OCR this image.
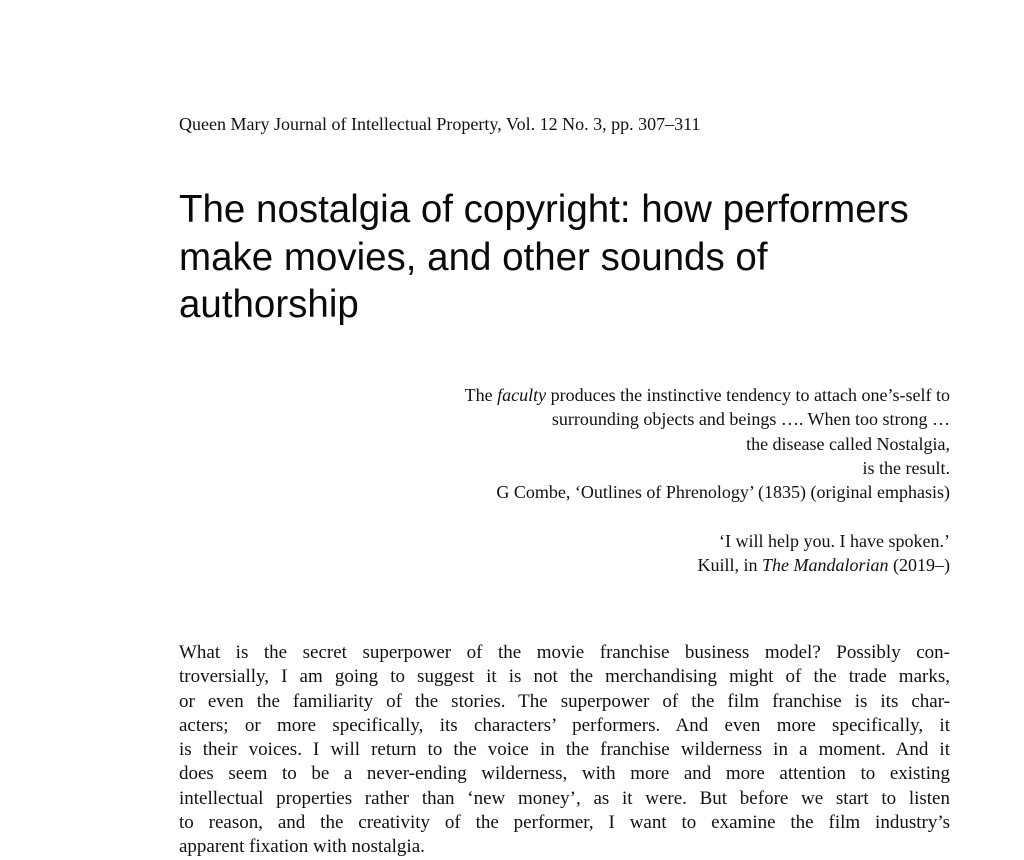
Queen Mary Journal of Intellectual Property, Vol. 12 No. 3, pp. 307–311
The nostalgia of copyright: how performers
make movies, and other sounds of
authorship
The faculty produces the instinctive tendency to attach one’s-self to
surrounding objects and beings …. When too strong …
the disease called Nostalgia,
is the result.
G Combe, ‘Outlines of Phrenology’ (1835) (original emphasis)
‘I will help you. I have spoken.’
Kuill, in The Mandalorian (2019–)
What is the secret superpower of the movie franchise business model? Possibly con-
troversially, I am going to suggest it is not the merchandising might of the trade marks,
or even the familiarity of the stories. The superpower of the film franchise is its char-
acters; or more specifically, its characters’ performers. And even more specifically, it
is their voices. I will return to the voice in the franchise wilderness in a moment. And it
does seem to be a never-ending wilderness, with more and more attention to existing
intellectual properties rather than ‘new money’, as it were. But before we start to listen
to reason, and the creativity of the performer, I want to examine the film industry’s
apparent fixation with nostalgia.
